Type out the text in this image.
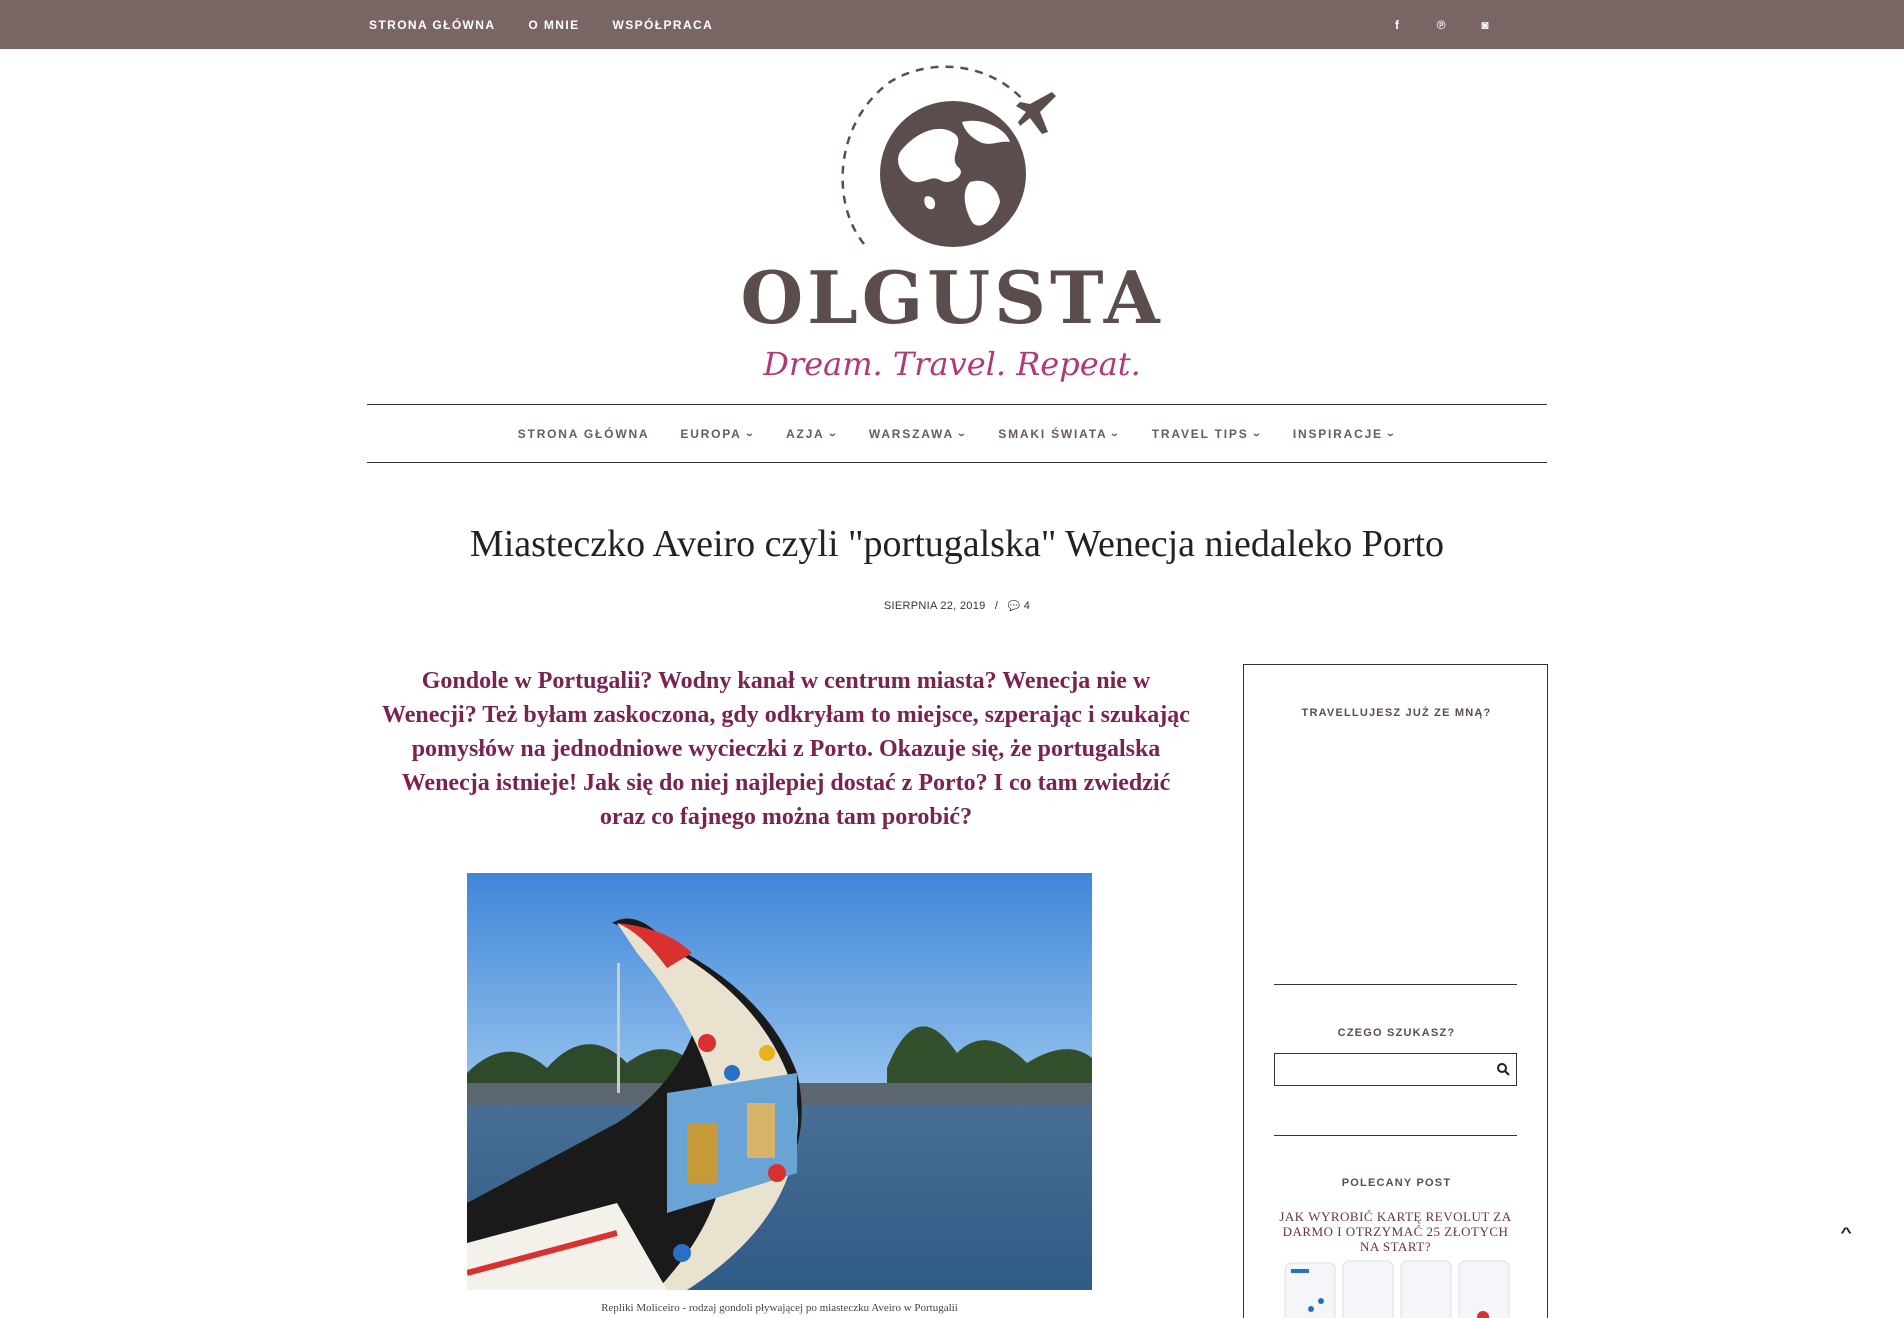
STRONA GŁÓWNA	O MNIE	WSPÓŁPRACA	f	℗	◙
OLGUSTA
Dream. Travel. Repeat.
STRONA GŁÓWNA	EUROPA ⌄ AZJA ⌄ WARSZAWA ⌄ SMAKI ŚWIATA ⌄ TRAVEL TIPS ⌄ INSPIRACJE ⌄
Miasteczko Aveiro czyli "portugalska" Wenecja niedaleko Porto
SIERPNIA 22, 2019 / 💬 4

Gondole w Portugalii? Wodny kanał w centrum miasta? Wenecja nie w Wenecji? Też byłam zaskoczona, gdy odkryłam to miejsce, szperając i szukając pomysłów na jednodniowe wycieczki z Porto. Okazuje się, że portugalska Wenecja istnieje! Jak się do niej najlepiej dostać z Porto? I co tam zwiedzić oraz co fajnego można tam porobić?

Repliki Moliceiro - rodzaj gondoli pływającej po miasteczku Aveiro w Portugalii
TRAVELLUJESZ JUŻ ZE MNĄ?
CZEGO SZUKASZ?
POLECANY POST
JAK WYROBIĆ KARTĘ REVOLUT ZA DARMO I OTRZYMAĆ 25 ZŁOTYCH NA START?
^
